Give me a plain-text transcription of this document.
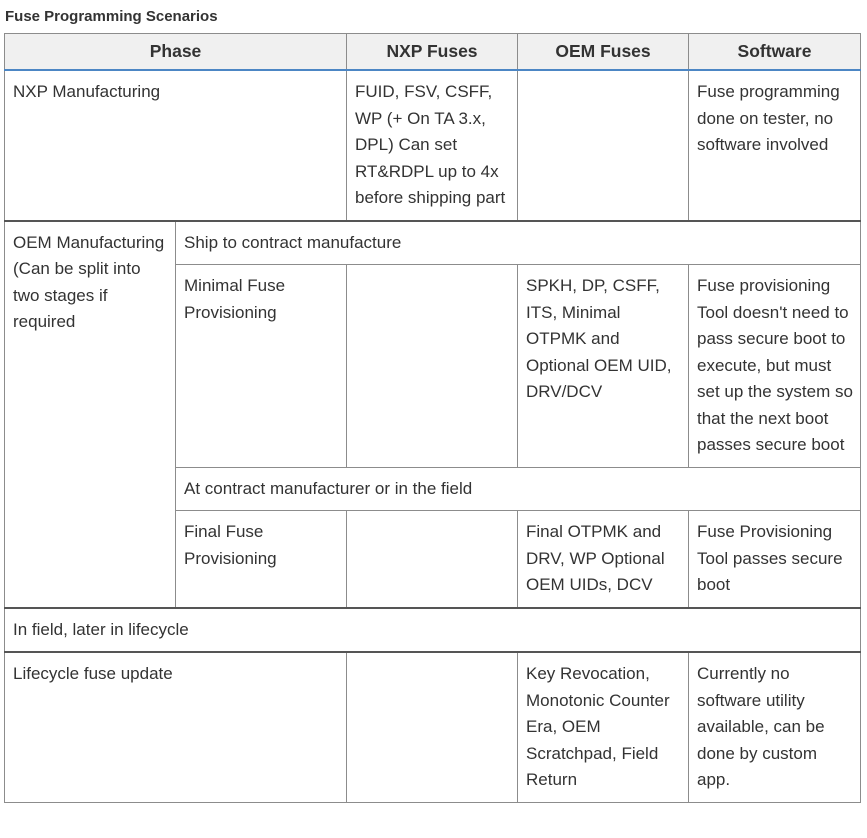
Fuse Programming Scenarios
Phase		NXP Fuses	OEM Fuses	Software
NXP Manufacturing		FUID, FSV, CSFF, WP (+ On TA 3.x, DPL) Can set RT&RDPL up to 4x before shipping part		Fuse programming done on tester, no software involved
OEM Manufacturing (Can be split into two stages if required	Ship to contract manufacture			
	Minimal Fuse Provisioning		SPKH, DP, CSFF, ITS, Minimal OTPMK and Optional OEM UID, DRV/DCV	Fuse provisioning Tool doesn't need to pass secure boot to execute, but must set up the system so that the next boot passes secure boot
	At contract manufacturer or in the field			
	Final Fuse Provisioning		Final OTPMK and DRV, WP Optional OEM UIDs, DCV	Fuse Provisioning Tool passes secure boot
In field, later in lifecycle				
Lifecycle fuse update			Key Revocation, Monotonic Counter Era, OEM Scratchpad, Field Return	Currently no software utility available, can be done by custom app.
